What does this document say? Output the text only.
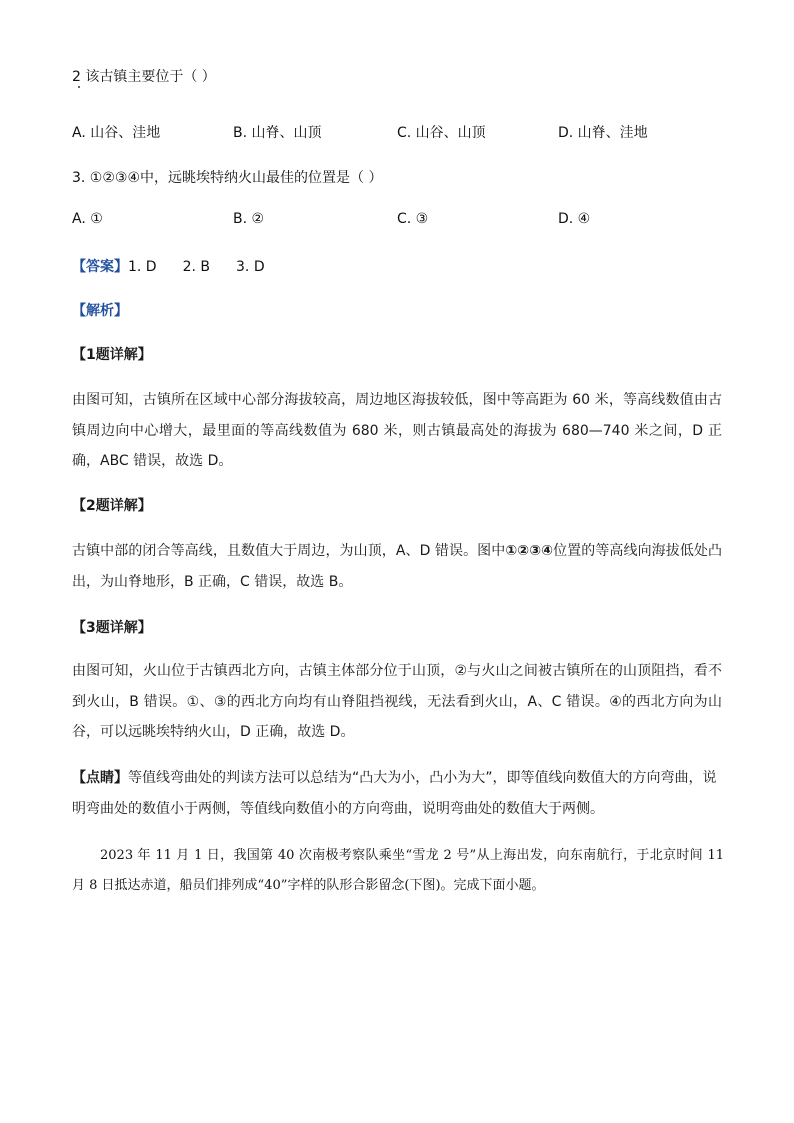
2 该古镇主要位于（ ）
A. 山谷、洼地	B. 山脊、山顶	C. 山谷、山顶	D. 山脊、洼地
3. ①②③④中，远眺埃特纳火山最佳的位置是（ ）
A. ①	B. ②	C. ③	D. ④
【答案】1. D 2. B 3. D
【解析】
【1题详解】
由图可知，古镇所在区域中心部分海拔较高，周边地区海拔较低，图中等高距为 60 米，等高线数值由古镇周边向中心增大，最里面的等高线数值为 680 米，则古镇最高处的海拔为 680—740 米之间，D 正确，ABC 错误，故选 D。
【2题详解】
古镇中部的闭合等高线，且数值大于周边，为山顶，A、D 错误。图中①②③④位置的等高线向海拔低处凸出，为山脊地形，B 正确，C 错误，故选 B。
【3题详解】
由图可知，火山位于古镇西北方向，古镇主体部分位于山顶，②与火山之间被古镇所在的山顶阻挡，看不到火山，B 错误。①、③的西北方向均有山脊阻挡视线，无法看到火山，A、C 错误。④的西北方向为山谷，可以远眺埃特纳火山，D 正确，故选 D。
【点睛】等值线弯曲处的判读方法可以总结为“凸大为小，凸小为大”，即等值线向数值大的方向弯曲，说明弯曲处的数值小于两侧，等值线向数值小的方向弯曲，说明弯曲处的数值大于两侧。
2023 年 11 月 1 日，我国第 40 次南极考察队乘坐“雪龙 2 号”从上海出发，向东南航行，于北京时间 11 月 8 日抵达赤道，船员们排列成“40”字样的队形合影留念(下图)。完成下面小题。
